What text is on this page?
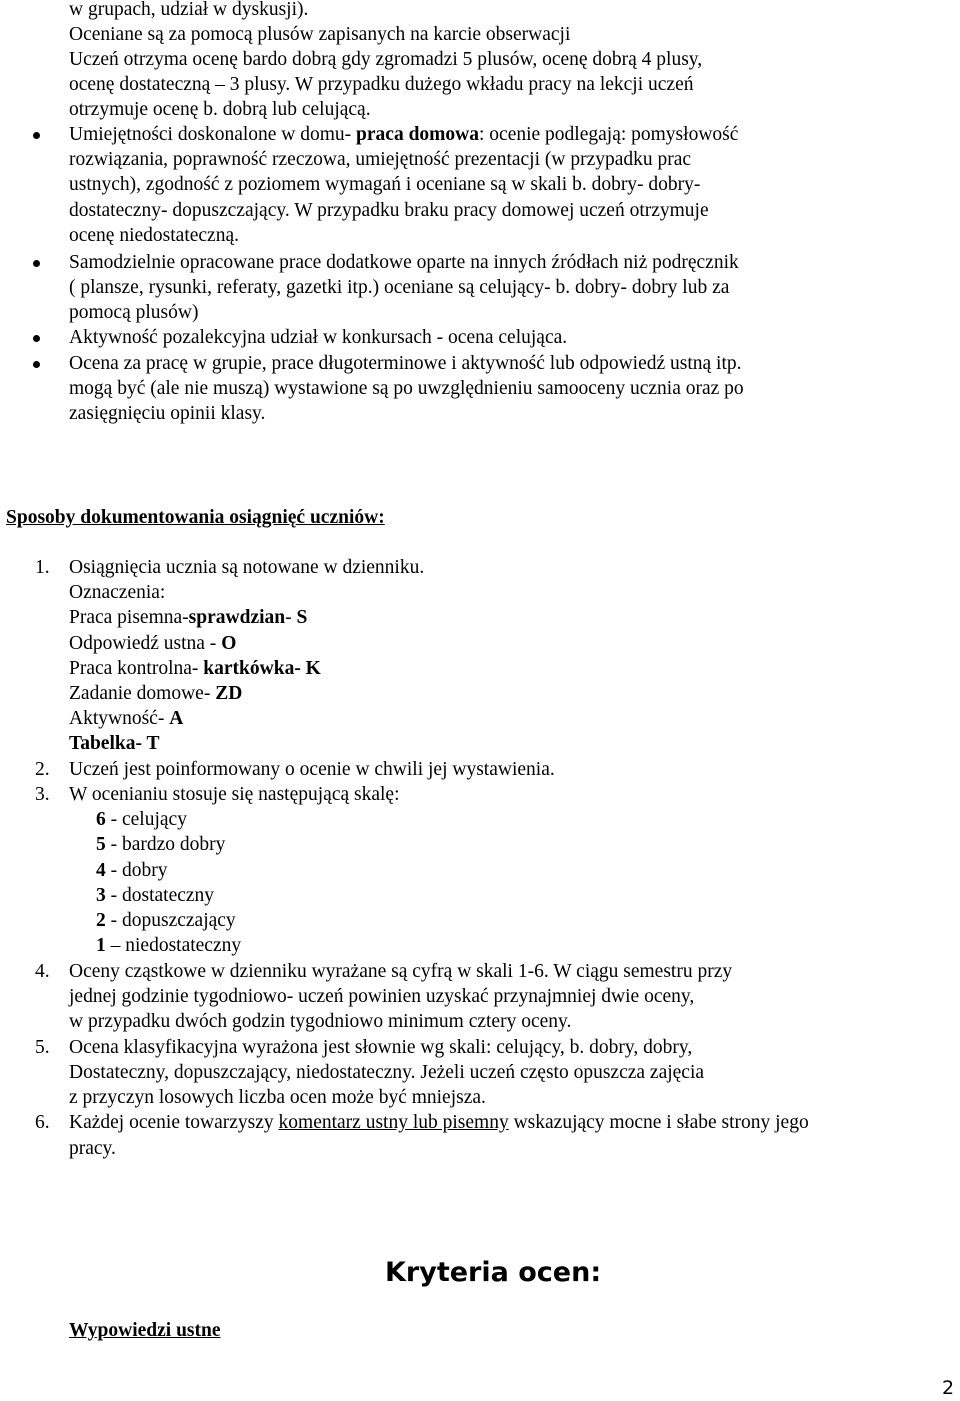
w grupach, udział w dyskusji).
Oceniane są za pomocą plusów zapisanych na karcie obserwacji
Uczeń otrzyma ocenę bardo dobrą gdy zgromadzi 5 plusów, ocenę dobrą 4 plusy,
ocenę dostateczną – 3 plusy. W przypadku dużego wkładu pracy na lekcji uczeń
otrzymuje ocenę b. dobrą lub celującą.
Umiejętności doskonalone w domu- praca domowa: ocenie podlegają: pomysłowość
rozwiązania, poprawność rzeczowa, umiejętność prezentacji (w przypadku prac
ustnych), zgodność z poziomem wymagań i oceniane są w skali b. dobry- dobry-
dostateczny- dopuszczający. W przypadku braku pracy domowej uczeń otrzymuje
ocenę niedostateczną.
Samodzielnie opracowane prace dodatkowe oparte na innych źródłach niż podręcznik
( plansze, rysunki, referaty, gazetki itp.) oceniane są celujący- b. dobry- dobry lub za
pomocą plusów)
Aktywność pozalekcyjna udział w konkursach - ocena celująca.
Ocena za pracę w grupie, prace długoterminowe i aktywność lub odpowiedź ustną itp.
mogą być (ale nie muszą) wystawione są po uwzględnieniu samooceny ucznia oraz po
zasięgnięciu opinii klasy.
Sposoby dokumentowania osiągnięć uczniów:
1. Osiągnięcia ucznia są notowane w dzienniku.
Oznaczenia:
Praca pisemna-sprawdzian- S
Odpowiedź ustna - O
Praca kontrolna- kartkówka- K
Zadanie domowe- ZD
Aktywność- A
Tabelka- T
2. Uczeń jest poinformowany o ocenie w chwili jej wystawienia.
3. W ocenianiu stosuje się następującą skalę:
6 - celujący
5 - bardzo dobry
4 - dobry
3 - dostateczny
2 - dopuszczający
1 – niedostateczny
4. Oceny cząstkowe w dzienniku wyrażane są cyfrą w skali 1-6. W ciągu semestru przy
jednej godzinie tygodniowo- uczeń powinien uzyskać przynajmniej dwie oceny,
w przypadku dwóch godzin tygodniowo minimum cztery oceny.
5. Ocena klasyfikacyjna wyrażona jest słownie wg skali: celujący, b. dobry, dobry,
Dostateczny, dopuszczający, niedostateczny. Jeżeli uczeń często opuszcza zajęcia
z przyczyn losowych liczba ocen może być mniejsza.
6. Każdej ocenie towarzyszy komentarz ustny lub pisemny wskazujący mocne i słabe strony jego
pracy.
Kryteria ocen:
Wypowiedzi ustne
2
